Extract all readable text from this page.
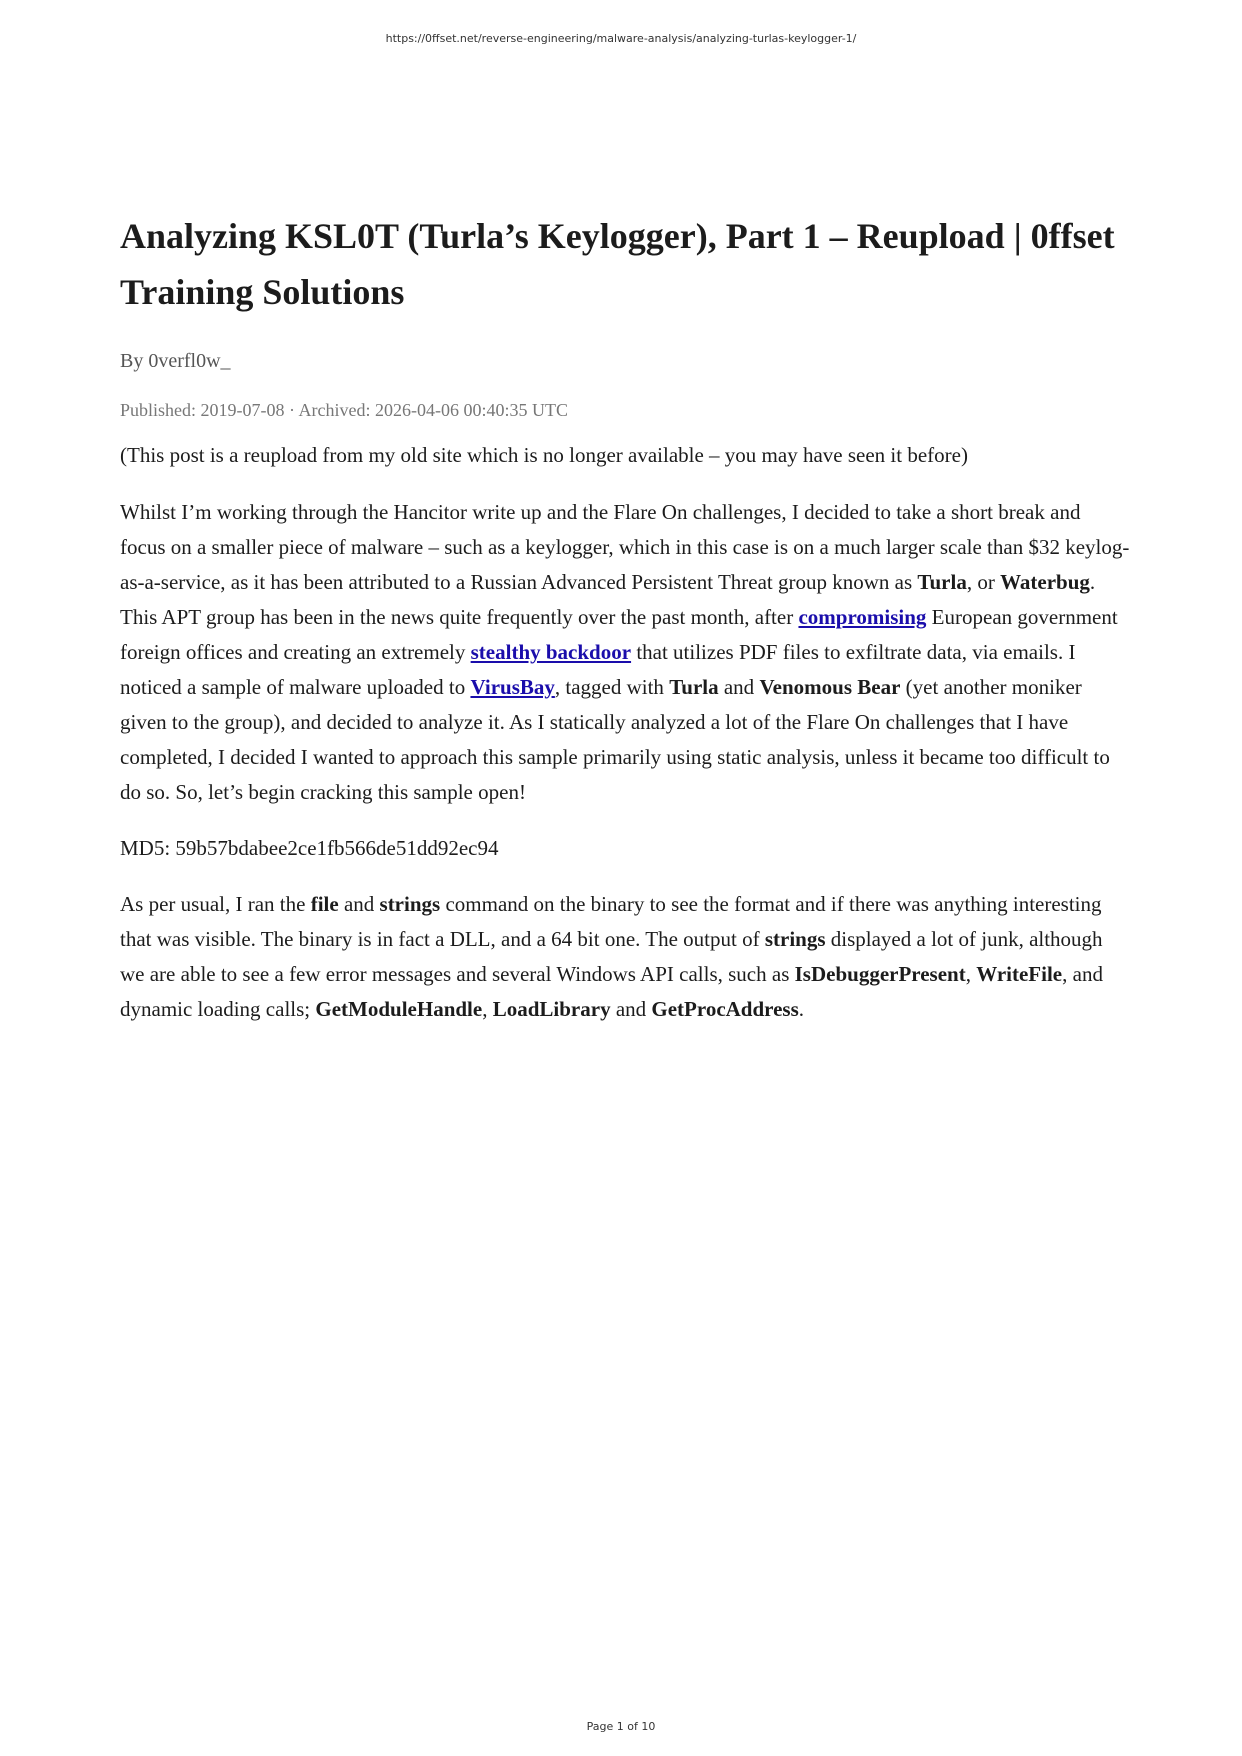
https://0ffset.net/reverse-engineering/malware-analysis/analyzing-turlas-keylogger-1/
Analyzing KSL0T (Turla’s Keylogger), Part 1 – Reupload | 0ffset Training Solutions
By 0verfl0w_
Published: 2019-07-08 · Archived: 2026-04-06 00:40:35 UTC

(This post is a reupload from my old site which is no longer available – you may have seen it before)

Whilst I’m working through the Hancitor write up and the Flare On challenges, I decided to take a short break and focus on a smaller piece of malware – such as a keylogger, which in this case is on a much larger scale than $32 keylog-as-a-service, as it has been attributed to a Russian Advanced Persistent Threat group known as Turla, or Waterbug. This APT group has been in the news quite frequently over the past month, after compromising European government foreign offices and creating an extremely stealthy backdoor that utilizes PDF files to exfiltrate data, via emails. I noticed a sample of malware uploaded to VirusBay, tagged with Turla and Venomous Bear (yet another moniker given to the group), and decided to analyze it. As I statically analyzed a lot of the Flare On challenges that I have completed, I decided I wanted to approach this sample primarily using static analysis, unless it became too difficult to do so. So, let’s begin cracking this sample open!

MD5: 59b57bdabee2ce1fb566de51dd92ec94

As per usual, I ran the file and strings command on the binary to see the format and if there was anything interesting that was visible. The binary is in fact a DLL, and a 64 bit one. The output of strings displayed a lot of junk, although we are able to see a few error messages and several Windows API calls, such as IsDebuggerPresent, WriteFile, and dynamic loading calls; GetModuleHandle, LoadLibrary and GetProcAddress.

Page 1 of 10
